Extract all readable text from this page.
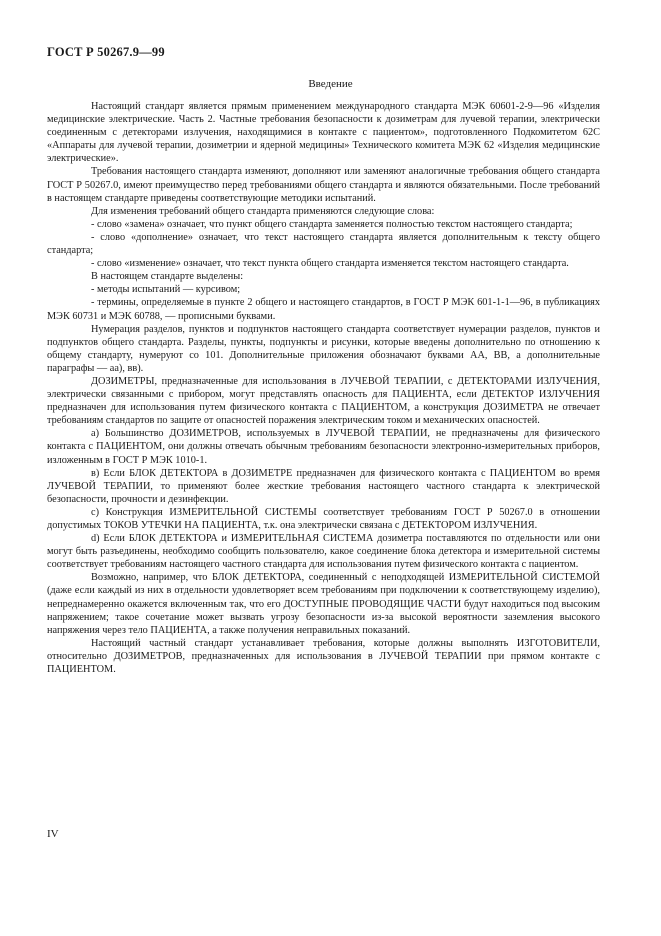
ГОСТ Р 50267.9—99
Введение

Настоящий стандарт является прямым применением международного стандарта МЭК 60601-2-9—96 «Изделия медицинские электрические. Часть 2. Частные требования безопасности к дозиметрам для лучевой терапии, электрически соединенным с детекторами излучения, находящимися в контакте с пациентом», подготовленного Подкомитетом 62С «Аппараты для лучевой терапии, дозиметрии и ядерной медицины» Технического комитета МЭК 62 «Изделия медицинские электрические».

Требования настоящего стандарта изменяют, дополняют или заменяют аналогичные требования общего стандарта ГОСТ Р 50267.0, имеют преимущество перед требованиями общего стандарта и являются обязательными. После требований в настоящем стандарте приведены соответствующие методики испытаний.

Для изменения требований общего стандарта применяются следующие слова:

- слово «замена» означает, что пункт общего стандарта заменяется полностью текстом настоящего стандарта;

- слово «дополнение» означает, что текст настоящего стандарта является дополнительным к тексту общего стандарта;

- слово «изменение» означает, что текст пункта общего стандарта изменяется текстом настоящего стандарта.

В настоящем стандарте выделены:

- методы испытаний — курсивом;

- термины, определяемые в пункте 2 общего и настоящего стандартов, в ГОСТ Р МЭК 601-1-1—96, в публикациях МЭК 60731 и МЭК 60788, — прописными буквами.

Нумерация разделов, пунктов и подпунктов настоящего стандарта соответствует нумерации разделов, пунктов и подпунктов общего стандарта. Разделы, пункты, подпункты и рисунки, которые введены дополнительно по отношению к общему стандарту, нумеруют со 101. Дополнительные приложения обозначают буквами АА, ВВ, а дополнительные параграфы — аа), вв).

ДОЗИМЕТРЫ, предназначенные для использования в ЛУЧЕВОЙ ТЕРАПИИ, с ДЕТЕКТОРАМИ ИЗЛУЧЕНИЯ, электрически связанными с прибором, могут представлять опасность для ПАЦИЕНТА, если ДЕТЕКТОР ИЗЛУЧЕНИЯ предназначен для использования путем физического контакта с ПАЦИЕНТОМ, а конструкция ДОЗИМЕТРА не отвечает требованиям стандартов по защите от опасностей поражения электрическим током и механических опасностей.

а) Большинство ДОЗИМЕТРОВ, используемых в ЛУЧЕВОЙ ТЕРАПИИ, не предназначены для физического контакта с ПАЦИЕНТОМ, они должны отвечать обычным требованиям безопасности электронно-измерительных приборов, изложенным в ГОСТ Р МЭК 1010-1.

в) Если БЛОК ДЕТЕКТОРА в ДОЗИМЕТРЕ предназначен для физического контакта с ПАЦИЕНТОМ во время ЛУЧЕВОЙ ТЕРАПИИ, то применяют более жесткие требования настоящего частного стандарта к электрической безопасности, прочности и дезинфекции.

с) Конструкция ИЗМЕРИТЕЛЬНОЙ СИСТЕМЫ соответствует требованиям ГОСТ Р 50267.0 в отношении допустимых ТОКОВ УТЕЧКИ НА ПАЦИЕНТА, т.к. она электрически связана с ДЕТЕКТОРОМ ИЗЛУЧЕНИЯ.

d) Если БЛОК ДЕТЕКТОРА и ИЗМЕРИТЕЛЬНАЯ СИСТЕМА дозиметра поставляются по отдельности или они могут быть разъединены, необходимо сообщить пользователю, какое соединение блока детектора и измерительной системы соответствует требованиям настоящего частного стандарта для использования путем физического контакта с пациентом.

Возможно, например, что БЛОК ДЕТЕКТОРА, соединенный с неподходящей ИЗМЕРИТЕЛЬНОЙ СИСТЕМОЙ (даже если каждый из них в отдельности удовлетворяет всем требованиям при подключении к соответствующему изделию), непреднамеренно окажется включенным так, что его ДОСТУПНЫЕ ПРОВОДЯЩИЕ ЧАСТИ будут находиться под высоким напряжением; такое сочетание может вызвать угрозу безопасности из-за высокой вероятности заземления высокого напряжения через тело ПАЦИЕНТА, а также получения неправильных показаний.

Настоящий частный стандарт устанавливает требования, которые должны выполнять ИЗГОТОВИТЕЛИ, относительно ДОЗИМЕТРОВ, предназначенных для использования в ЛУЧЕВОЙ ТЕРАПИИ при прямом контакте с ПАЦИЕНТОМ.

IV
